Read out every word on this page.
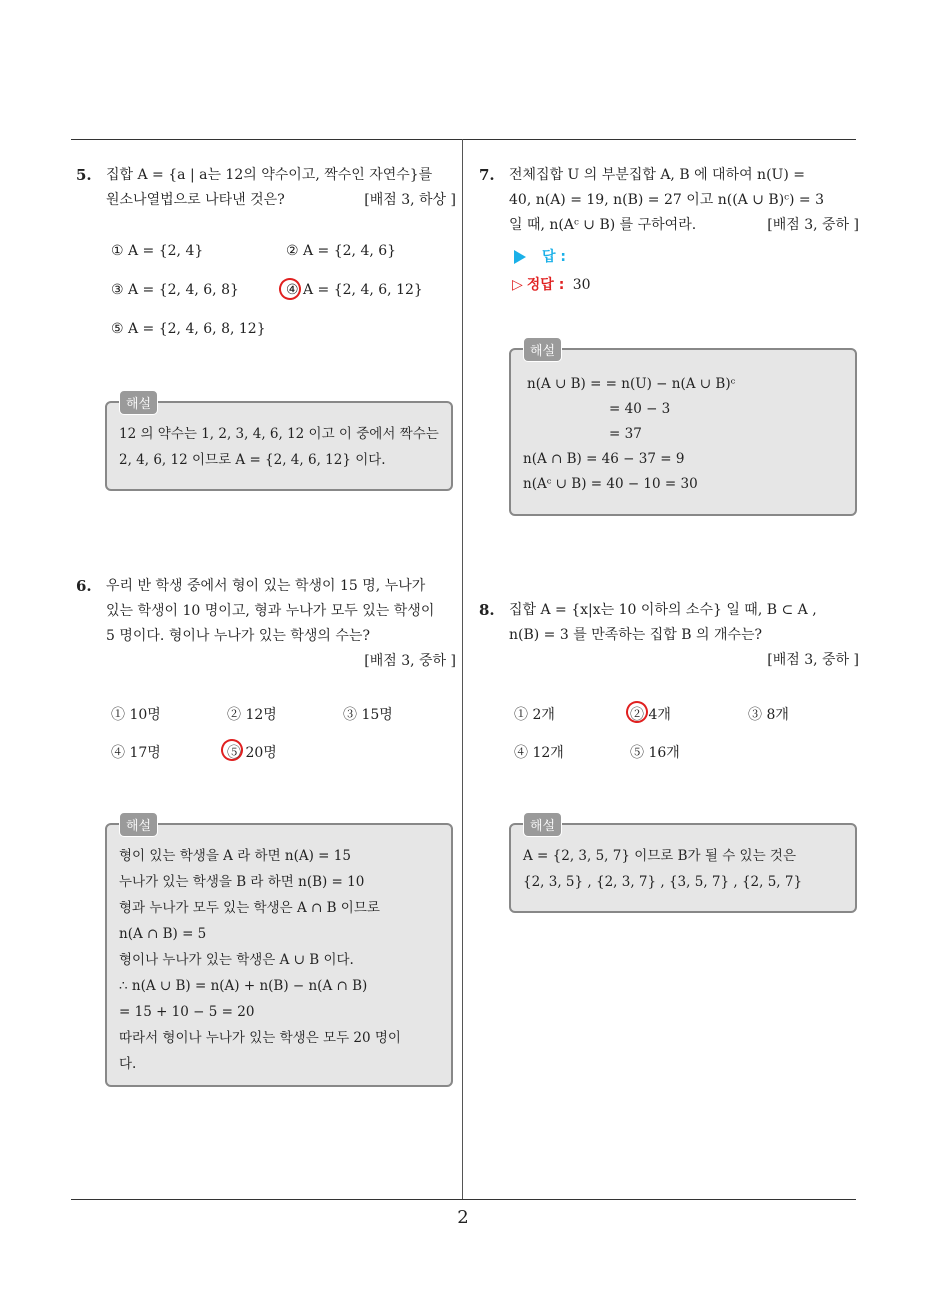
5. 집합 A = {a | a는 12의 약수이고, 짝수인 자연수}를
원소나열법으로 나타낸 것은?	[배점 3, 하상 ]
① A = {2, 4}	② A = {2, 4, 6}
③ A = {2, 4, 6, 8}	④ A = {2, 4, 6, 12}
⑤ A = {2, 4, 6, 8, 12}
해설
12 의 약수는 1, 2, 3, 4, 6, 12 이고 이 중에서 짝수는
2, 4, 6, 12 이므로 A = {2, 4, 6, 12} 이다.
6. 우리 반 학생 중에서 형이 있는 학생이 15 명, 누나가
있는 학생이 10 명이고, 형과 누나가 모두 있는 학생이
5 명이다. 형이나 누나가 있는 학생의 수는?
[배점 3, 중하 ]
① 10명	② 12명	③ 15명
④ 17명	⑤ 20명
해설
형이 있는 학생을 A 라 하면 n(A) = 15
누나가 있는 학생을 B 라 하면 n(B) = 10
형과 누나가 모두 있는 학생은 A ∩ B 이므로
n(A ∩ B) = 5
형이나 누나가 있는 학생은 A ∪ B 이다.
∴ n(A ∪ B) = n(A) + n(B) − n(A ∩ B)
= 15 + 10 − 5 = 20
따라서 형이나 누나가 있는 학생은 모두 20 명이
다.
7. 전체집합 U 의 부분집합 A, B 에 대하여 n(U) =
40, n(A) = 19, n(B) = 27 이고 n((A ∪ B)ᶜ) = 3
일 때, n(Aᶜ ∪ B) 를 구하여라.	[배점 3, 중하 ]
답 :
▷ 정답 : 30
해설
n(A ∪ B) = = n(U) − n(A ∪ B)ᶜ
= 40 − 3
= 37
n(A ∩ B) = 46 − 37 = 9
n(Aᶜ ∪ B) = 40 − 10 = 30
8. 집합 A = {x|x는 10 이하의 소수} 일 때, B ⊂ A ,
n(B) = 3 를 만족하는 집합 B 의 개수는?
[배점 3, 중하 ]
① 2개	② 4개	③ 8개
④ 12개	⑤ 16개
해설
A = {2, 3, 5, 7} 이므로 B가 될 수 있는 것은
{2, 3, 5} , {2, 3, 7} , {3, 5, 7} , {2, 5, 7}
2
